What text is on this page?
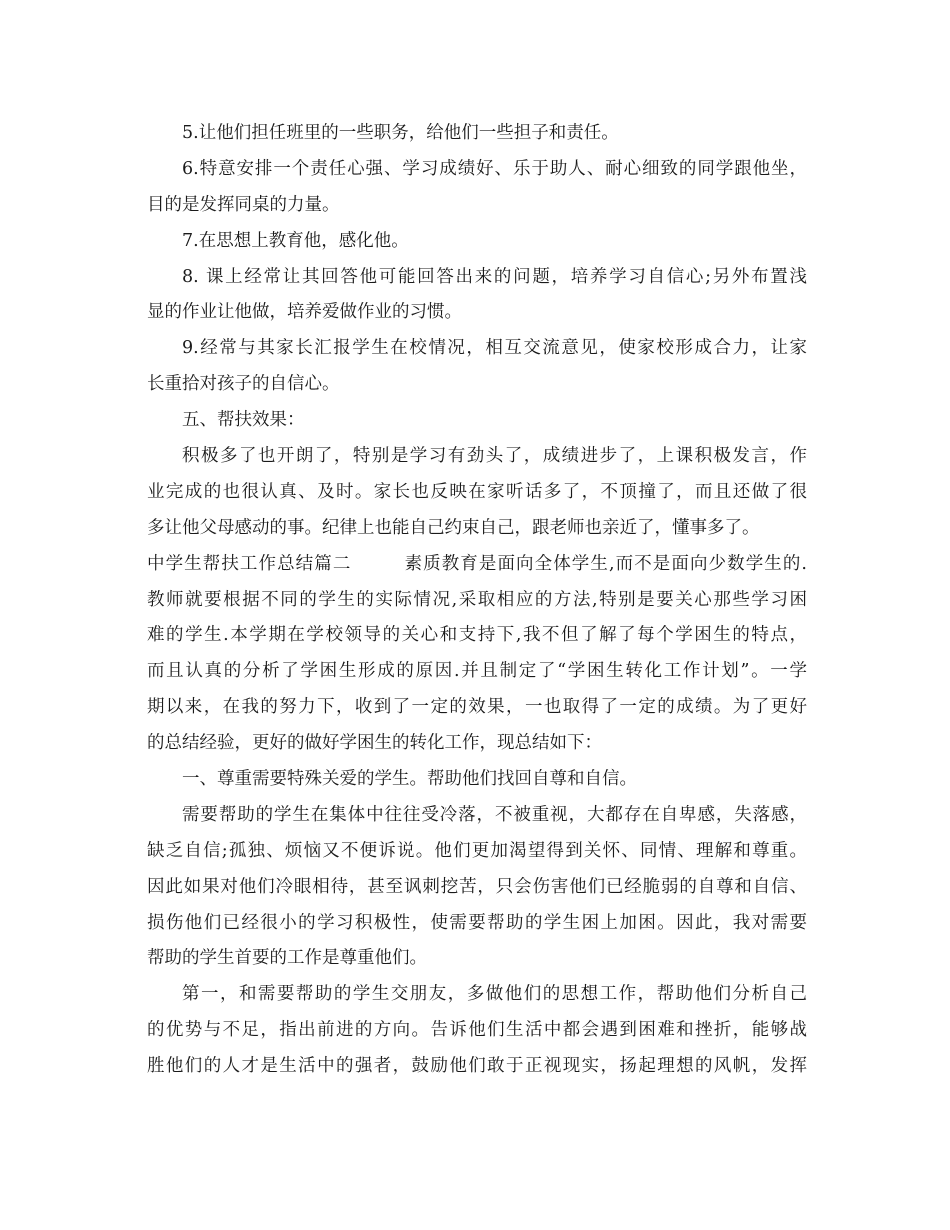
5.让他们担任班里的一些职务，给他们一些担子和责任。
6.特意安排一个责任心强、学习成绩好、乐于助人、耐心细致的同学跟他坐，
目的是发挥同桌的力量。
7.在思想上教育他，感化他。
8. 课上经常让其回答他可能回答出来的问题，培养学习自信心;另外布置浅
显的作业让他做，培养爱做作业的习惯。
9.经常与其家长汇报学生在校情况，相互交流意见，使家校形成合力，让家
长重拾对孩子的自信心。
五、帮扶效果：
积极多了也开朗了，特别是学习有劲头了，成绩进步了，上课积极发言，作
业完成的也很认真、及时。家长也反映在家听话多了，不顶撞了，而且还做了很
多让他父母感动的事。纪律上也能自己约束自己，跟老师也亲近了，懂事多了。
中学生帮扶工作总结篇二        素质教育是面向全体学生,而不是面向少数学生的.
教师就要根据不同的学生的实际情况,采取相应的方法,特别是要关心那些学习困
难的学生.本学期在学校领导的关心和支持下,我不但了解了每个学困生的特点，
而且认真的分析了学困生形成的原因.并且制定了“学困生转化工作计划”。一学
期以来，在我的努力下，收到了一定的效果，一也取得了一定的成绩。为了更好
的总结经验，更好的做好学困生的转化工作，现总结如下：
一、尊重需要特殊关爱的学生。帮助他们找回自尊和自信。
需要帮助的学生在集体中往往受冷落，不被重视，大都存在自卑感，失落感，
缺乏自信;孤独、烦恼又不便诉说。他们更加渴望得到关怀、同情、理解和尊重。
因此如果对他们冷眼相待，甚至讽刺挖苦，只会伤害他们已经脆弱的自尊和自信、
损伤他们已经很小的学习积极性，使需要帮助的学生困上加困。因此，我对需要
帮助的学生首要的工作是尊重他们。
第一，和需要帮助的学生交朋友，多做他们的思想工作，帮助他们分析自己
的优势与不足，指出前进的方向。告诉他们生活中都会遇到困难和挫折，能够战
胜他们的人才是生活中的强者，鼓励他们敢于正视现实，扬起理想的风帆，发挥
